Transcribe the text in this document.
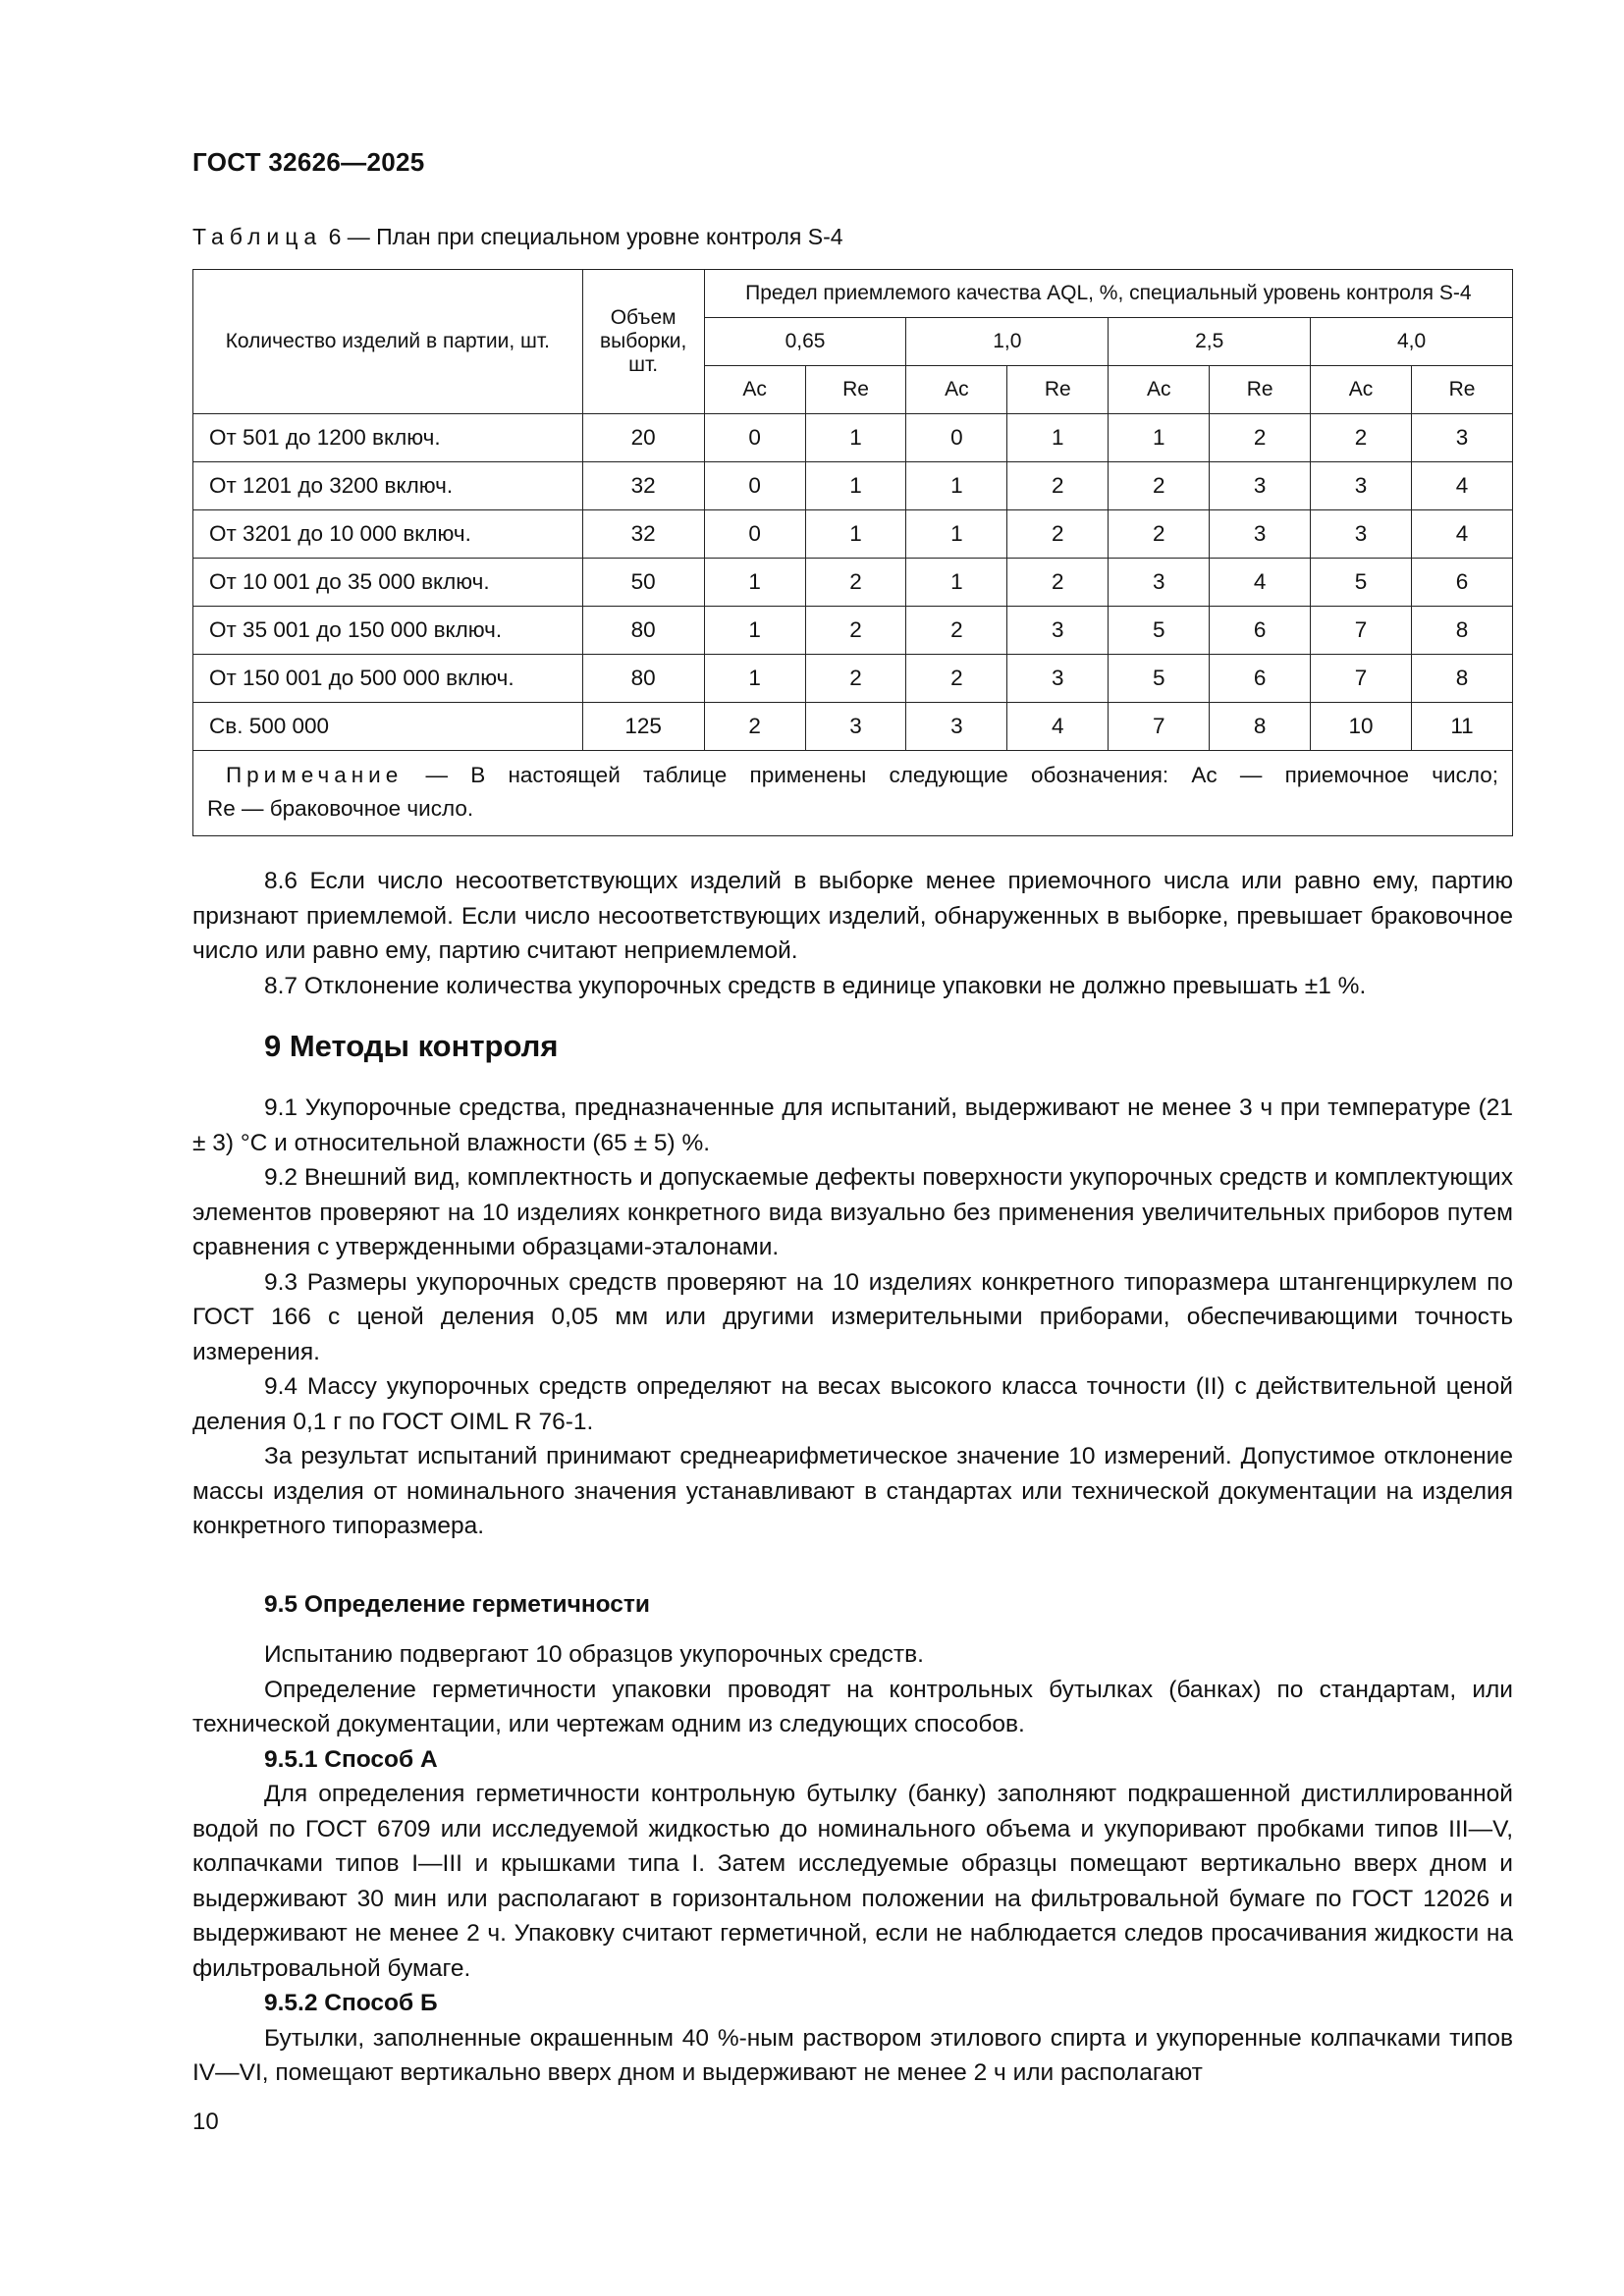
ГОСТ 32626—2025
Таблица 6 — План при специальном уровне контроля S-4
Количество изделий в партии, шт.	Объем выборки, шт.	Предел приемлемого качества AQL, %, специальный уровень контроля S-4							
		0,65		1,0		2,5		4,0	
		Ac	Re	Ac	Re	Ac	Re	Ac	Re
От 501 до 1200 включ.	20	0	1	0	1	1	2	2	3
От 1201 до 3200 включ.	32	0	1	1	2	2	3	3	4
От 3201 до 10 000 включ.	32	0	1	1	2	2	3	3	4
От 10 001 до 35 000 включ.	50	1	2	1	2	3	4	5	6
От 35 001 до 150 000 включ.	80	1	2	2	3	5	6	7	8
От 150 001 до 500 000 включ.	80	1	2	2	3	5	6	7	8
Св. 500 000	125	2	3	3	4	7	8	10	11

Примечание — В настоящей таблице применены следующие обозначения: Ac — приемочное число;
Re — браковочное число.									

8.6 Если число несоответствующих изделий в выборке менее приемочного числа или равно ему, партию признают приемлемой. Если число несоответствующих изделий, обнаруженных в выборке, превышает браковочное число или равно ему, партию считают неприемлемой.

8.7 Отклонение количества укупорочных средств в единице упаковки не должно превышать ±1 %.

9 Методы контроля

9.1 Укупорочные средства, предназначенные для испытаний, выдерживают не менее 3 ч при температуре (21 ± 3) °С и относительной влажности (65 ± 5) %.

9.2 Внешний вид, комплектность и допускаемые дефекты поверхности укупорочных средств и комплектующих элементов проверяют на 10 изделиях конкретного вида визуально без применения увеличительных приборов путем сравнения с утвержденными образцами-эталонами.

9.3 Размеры укупорочных средств проверяют на 10 изделиях конкретного типоразмера штангенциркулем по ГОСТ 166 с ценой деления 0,05 мм или другими измерительными приборами, обеспечивающими точность измерения.

9.4 Массу укупорочных средств определяют на весах высокого класса точности (II) с действительной ценой деления 0,1 г по ГОСТ OIML R 76-1.

За результат испытаний принимают среднеарифметическое значение 10 измерений. Допустимое отклонение массы изделия от номинального значения устанавливают в стандартах или технической документации на изделия конкретного типоразмера.

9.5 Определение герметичности

Испытанию подвергают 10 образцов укупорочных средств.

Определение герметичности упаковки проводят на контрольных бутылках (банках) по стандартам, или технической документации, или чертежам одним из следующих способов.

9.5.1 Способ А

Для определения герметичности контрольную бутылку (банку) заполняют подкрашенной дистиллированной водой по ГОСТ 6709 или исследуемой жидкостью до номинального объема и укупоривают пробками типов III—V, колпачками типов I—III и крышками типа I. Затем исследуемые образцы помещают вертикально вверх дном и выдерживают 30 мин или располагают в горизонтальном положении на фильтровальной бумаге по ГОСТ 12026 и выдерживают не менее 2 ч. Упаковку считают герметичной, если не наблюдается следов просачивания жидкости на фильтровальной бумаге.

9.5.2 Способ Б

Бутылки, заполненные окрашенным 40 %-ным раствором этилового спирта и укупоренные колпачками типов IV—VI, помещают вертикально вверх дном и выдерживают не менее 2 ч или располагают

10
